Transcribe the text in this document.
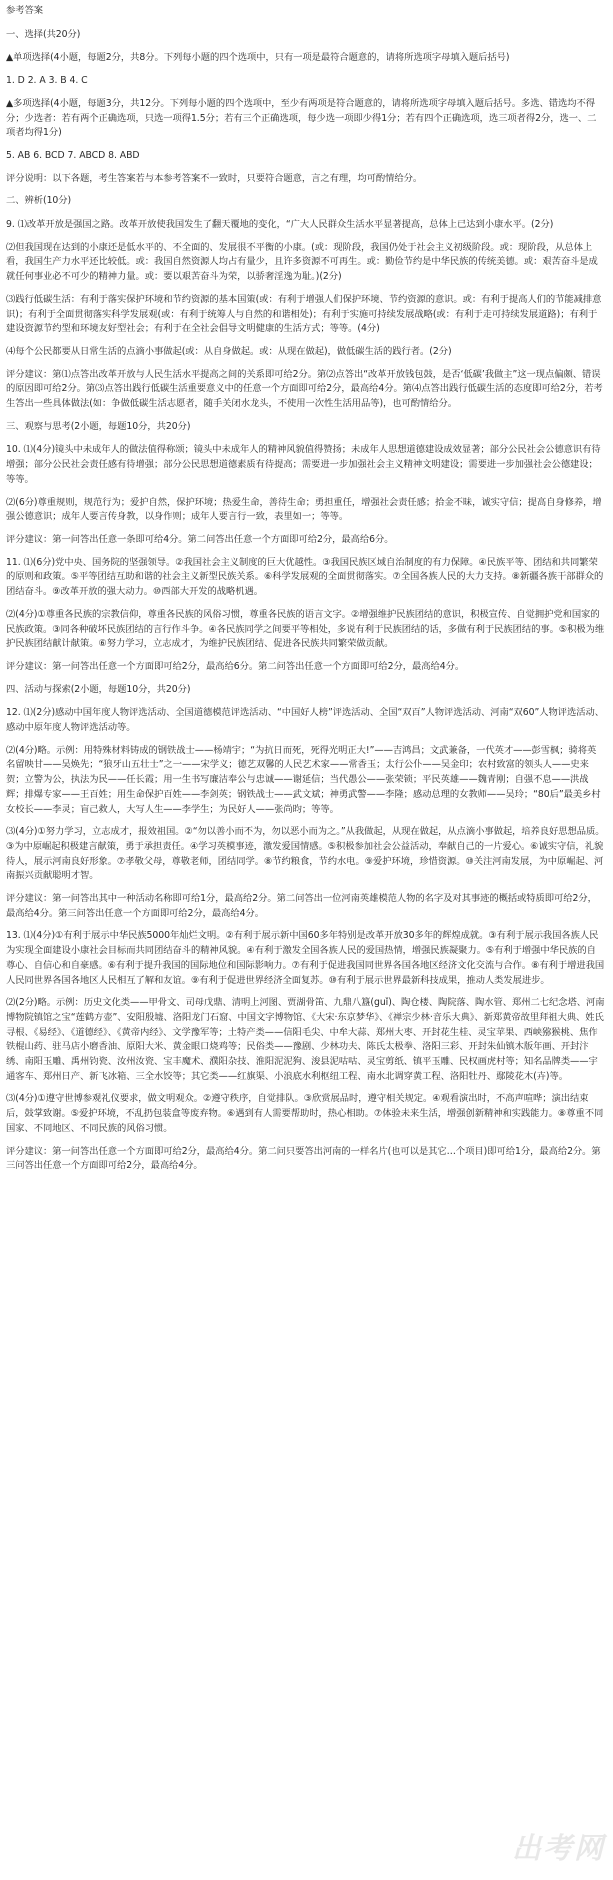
参考答案

一、选择(共20分)

▲单项选择(4小题，每题2分，共8分。下列每小题的四个选项中，只有一项是最符合题意的，请将所选项字母填入题后括号)

1. D 2. A 3. B 4. C

▲多项选择(4小题，每题3分，共12分。下列每小题的四个选项中，至少有两项是符合题意的，请将所选项字母填入题后括号。多选、错选均不得分；少选者：若有两个正确选项，只选一项得1.5分；若有三个正确选项，每少选一项即少得1分；若有四个正确选项，选三项者得2分，选一、二项者均得1分)

5. AB 6. BCD 7. ABCD 8. ABD

评分说明：以下各题，考生答案若与本参考答案不一致时，只要符合题意，言之有理，均可酌情给分。

二、辨析(10分)

9. ⑴改革开放是强国之路。改革开放使我国发生了翻天覆地的变化，“广大人民群众生活水平显著提高，总体上已达到小康水平。(2分)

⑵但我国现在达到的小康还是低水平的、不全面的、发展很不平衡的小康。(或：现阶段，我国仍处于社会主义初级阶段。或：现阶段，从总体上看，我国生产力水平还比较低。或：我国自然资源人均占有量少，且许多资源不可再生。或：勤俭节约是中华民族的传统美德。或：艰苦奋斗是成就任何事业必不可少的精神力量。或：要以艰苦奋斗为荣，以骄奢淫逸为耻。)(2分)

⑶践行低碳生活：有利于落实保护环境和节约资源的基本国策(或：有利于增强人们保护环境、节约资源的意识。或：有利于提高人们的节能减排意识)；有利于全面贯彻落实科学发展观(或：有利于统筹人与自然的和谐相处)；有利于实施可持续发展战略(或：有利于走可持续发展道路)；有利于建设资源节约型和环境友好型社会；有利于在全社会倡导文明健康的生活方式；等等。(4分)

⑷每个公民都要从日常生活的点滴小事做起(或：从自身做起。或：从现在做起)，做低碳生活的践行者。(2分)

评分建议：第⑴点答出改革开放与人民生活水平提高之间的关系即可给2分。第⑵点答出“改革开放钱包鼓，是否‘低碳’我做主”这一现点偏颇、错误的原因即可给2分。第⑶点答出践行低碳生活重要意义中的任意一个方面即可给2分，最高给4分。第⑷点答出践行低碳生活的态度即可给2分，若考生答出一些具体做法(如：争做低碳生活志愿者，随手关闭水龙头，不使用一次性生活用品等)，也可酌情给分。

三、观察与思考(2小题，每题10分，共20分)

10. ⑴(4分)镜头中未成年人的做法值得称颂；镜头中未成年人的精神风貌值得赞扬；未成年人思想道德建设成效显著；部分公民社会公德意识有待增强；部分公民社会责任感有待增强；部分公民思想道德素质有待提高；需要进一步加强社会主义精神文明建设；需要进一步加强社会公德建设；等等。

⑵(6分)尊重规则，规范行为；爱护自然，保护环境；热爱生命，善待生命；勇担重任，增强社会责任感；拾金不昧，诚实守信；提高自身修养，增强公德意识；成年人要言传身教，以身作则；成年人要言行一致，表里如一；等等。

评分建议：第一问答出任意一条即可给4分。第二问答出任意一个方面即可给2分，最高给6分。

11. ⑴(6分)党中央、国务院的坚强领导。②我国社会主义制度的巨大优越性。③我国民族区域自治制度的有力保障。④民族平等、团结和共同繁荣的原则和政策。⑤平等团结互助和谐的社会主义新型民族关系。⑥科学发展观的全面贯彻落实。⑦全国各族人民的大力支持。⑧新疆各族干部群众的团结奋斗。⑨改革开放的强大动力。⑩西部大开发的战略机遇。

⑵(4分)①尊重各民族的宗教信仰，尊重各民族的风俗习惯，尊重各民族的语言文字。②增强维护民族团结的意识，积极宣传、自觉拥护党和国家的民族政策。③同各种破坏民族团结的言行作斗争。④各民族同学之间要平等相处，多说有利于民族团结的话，多做有利于民族团结的事。⑤积极为维护民族团结献计献策。⑥努力学习，立志成才，为维护民族团结、促进各民族共同繁荣做贡献。

评分建议：第一问答出任意一个方面即可给2分，最高给6分。第二问答出任意一个方面即可给2分，最高给4分。

四、活动与探索(2小题，每题10分，共20分)

12. ⑴(2分)感动中国年度人物评选活动、全国道德模范评选活动、“中国好人榜”评选活动、全国“双百”人物评选活动、河南“双60”人物评选活动、感动中原年度人物评选活动等。

⑵(4分)略。示例：用特殊材料铸成的钢铁战士——杨靖宇；“为抗日而死，死得光明正大!”——吉鸿昌；文武兼备，一代英才——彭雪枫；骑将英名留映甘——吴焕先；“狼牙山五壮士”之一——宋学义；德艺双馨的人民艺术家——常香玉；太行公仆——吴金印；农村致富的领头人——史来贺；立警为公，执法为民——任长霞；用一生书写廉洁奉公与忠诚——谢延信；当代愚公——张荣锁；平民英雄——魏青刚；自强不息——洪战辉；排爆专家——王百姓；用生命保护百姓——李剑英；钢铁战士——武文斌；神勇武警——李隆；感动总理的女教师——吴玲；“80后”最美乡村女校长——李灵；盲己救人，大写人生——李学生；为民好人——张尚昀；等等。

⑶(4分)①努力学习，立志成才，报效祖国。②“勿以善小而不为，勿以恶小而为之。”从我做起，从现在做起，从点滴小事做起，培养良好思想品质。③为中原崛起积极建言献策，勇于承担责任。④学习英模事迹，激发爱国情感。⑤积极参加社会公益活动，奉献自己的一片爱心。⑥诚实守信，礼貌待人，展示河南良好形象。⑦孝敬父母，尊敬老师，团结同学。⑧节约粮食，节约水电。⑨爱护环境，珍惜资源。⑩关注河南发展，为中原崛起、河南振兴贡献聪明才智。

评分建议：第一问答出其中一种活动名称即可给1分，最高给2分。第二问答出一位河南英雄模范人物的名字及对其事迹的概括或特质即可给2分，最高给4分。第三问答出任意一个方面即可给2分，最高给4分。

13. ⑴(4分)①有利于展示中华民族5000年灿烂文明。②有利于展示新中国60多年特别是改革开放30多年的辉煌成就。③有利于展示我国各族人民为实现全面建设小康社会目标而共同团结奋斗的精神风貌。④有利于激发全国各族人民的爱国热情，增强民族凝聚力。⑤有利于增强中华民族的自尊心、自信心和自豪感。⑥有利于提升我国的国际地位和国际影响力。⑦有利于促进我国同世界各国各地区经济文化交流与合作。⑧有利于增进我国人民同世界各国各地区人民相互了解和友谊。⑨有利于促进世界经济全面复苏。⑩有利于展示世界最新科技成果，推动人类发展进步。

⑵(2分)略。示例：历史文化类——甲骨文、司母戊鼎、清明上河图、贾湖骨笛、九鼎八簋(guǐ)、陶仓楼、陶院落、陶水管、郑州二七纪念塔、河南博物院镇馆之宝“莲鹤方壶”、安阳殷墟、洛阳龙门石窟、中国文字博物馆、《大宋·东京梦华》、《禅宗少林·音乐大典》、新郑黄帝故里拜祖大典、姓氏寻根、《易经》、《道德经》、《黄帝内经》、文学豫军等；土特产类——信阳毛尖、中牟大蒜、郑州大枣、开封花生桂、灵宝苹果、西峡猕猴桃、焦作铁棍山药、驻马店小磨香油、原阳大米、黄金眼口烧鸡等；民俗类——豫剧、少林功夫、陈氏太极拳、洛阳三彩、开封朱仙镇木版年画、开封汴绣、南阳玉雕、禹州钧瓷、汝州汝瓷、宝丰魔术、濮阳杂技、淮阳泥泥狗、浚县泥咕咕、灵宝剪纸、镇平玉雕、民权画虎村等；知名品牌类——宇通客车、郑州日产、新飞冰箱、三全水饺等；其它类——红旗渠、小浪底水利枢纽工程、南水北调穿黄工程、洛阳牡丹、鄢陵花木(卉)等。

⑶(4分)①遵守世博参观礼仪要求，做文明观众。②遵守秩序，自觉排队。③欣赏展品时，遵守相关规定。④观看演出时，不高声喧哗；演出结束后，鼓掌致谢。⑤爱护环境，不乱扔包装盒等废弃物。⑥遇到有人需要帮助时，热心相助。⑦体验未来生活，增强创新精神和实践能力。⑧尊重不同国家、不同地区、不同民族的风俗习惯。

评分建议：第一问答出任意一个方面即可给2分，最高给4分。第二问只要答出河南的一样名片(也可以是其它…个项目)即可给1分，最高给2分。第三问答出任意一个方面即可给2分，最高给4分。

出考网
